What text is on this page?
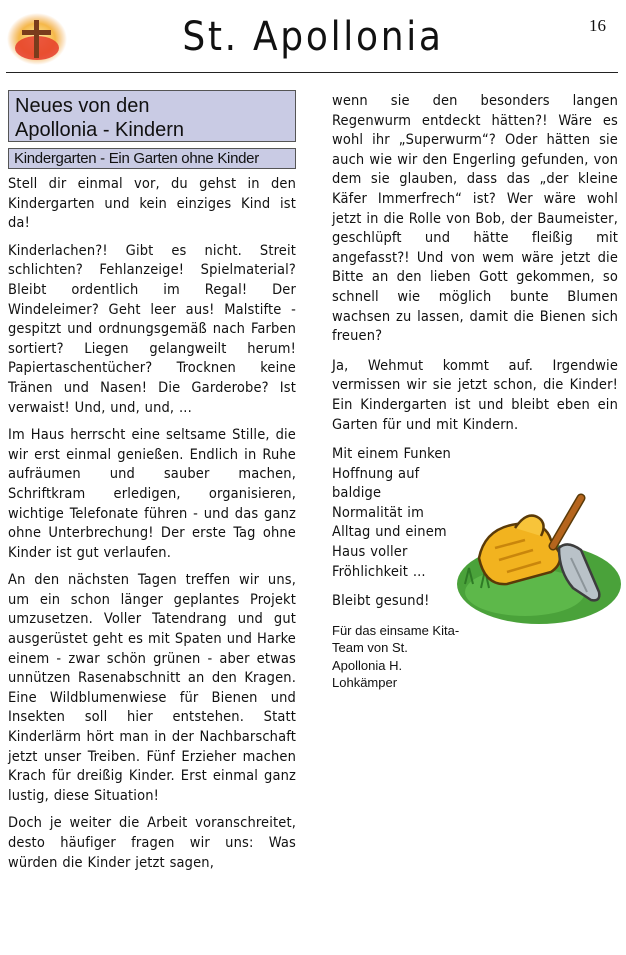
St. Apollonia	16
Neues von den
Apollonia - Kindern
Kindergarten - Ein Garten ohne Kinder

Stell dir einmal vor, du gehst in den Kindergarten und kein einziges Kind ist da!

Kinderlachen?! Gibt es nicht. Streit schlichten? Fehlanzeige! Spielmaterial? Bleibt ordentlich im Regal! Der Windeleimer? Geht leer aus! Malstifte - gespitzt und ordnungsgemäß nach Farben sortiert? Liegen gelangweilt herum! Papiertaschentücher? Trocknen keine Tränen und Nasen! Die Garderobe? Ist verwaist! Und, und, und, ...

Im Haus herrscht eine seltsame Stille, die wir erst einmal genießen. Endlich in Ruhe aufräumen und sauber machen, Schriftkram erledigen, organisieren, wichtige Telefonate führen - und das ganz ohne Unterbrechung! Der erste Tag ohne Kinder ist gut verlaufen.

An den nächsten Tagen treffen wir uns, um ein schon länger geplantes Projekt umzusetzen. Voller Tatendrang und gut ausgerüstet geht es mit Spaten und Harke einem - zwar schön grünen - aber etwas unnützen Rasenabschnitt an den Kragen. Eine Wildblumenwiese für Bienen und Insekten soll hier entstehen. Statt Kinderlärm hört man in der Nachbarschaft jetzt unser Treiben. Fünf Erzieher machen Krach für dreißig Kinder. Erst einmal ganz lustig, diese Situation!

Doch je weiter die Arbeit voranschreitet, desto häufiger fragen wir uns: Was würden die Kinder jetzt sagen,

wenn sie den besonders langen Regenwurm entdeckt hätten?! Wäre es wohl ihr „Superwurm“? Oder hätten sie auch wie wir den Engerling gefunden, von dem sie glauben, dass das „der kleine Käfer Immerfrech“ ist? Wer wäre wohl jetzt in die Rolle von Bob, der Baumeister, geschlüpft und hätte fleißig mit angefasst?! Und von wem wäre jetzt die Bitte an den lieben Gott gekommen, so schnell wie möglich bunte Blumen wachsen zu lassen, damit die Bienen sich freuen?

Ja, Wehmut kommt auf. Irgendwie vermissen wir sie jetzt schon, die Kinder! Ein Kindergarten ist und bleibt eben ein Garten für und mit Kindern.

Mit einem Funken Hoffnung auf baldige Normalität im Alltag und einem Haus voller Fröhlichkeit ...

Bleibt gesund!

Für das einsame Kita-Team von St. Apollonia H. Lohkämper
